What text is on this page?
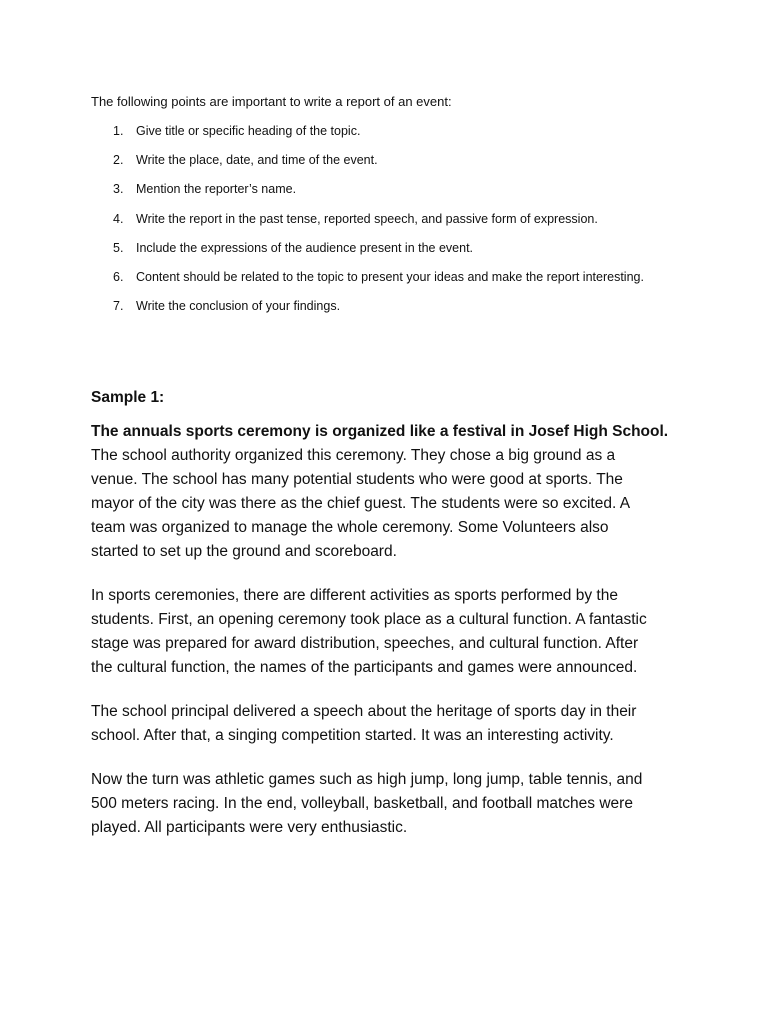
The following points are important to write a report of an event:
1.	Give title or specific heading of the topic.
2.	Write the place, date, and time of the event.
3.	Mention the reporter’s name.
4.	Write the report in the past tense, reported speech, and passive form of expression.
5.	Include the expressions of the audience present in the event.
6.	Content should be related to the topic to present your ideas and make the report interesting.
7.	Write the conclusion of your findings.
Sample 1:

The annuals sports ceremony is organized like a festival in Josef High School.
The school authority organized this ceremony. They chose a big ground as a
venue. The school has many potential students who were good at sports. The
mayor of the city was there as the chief guest. The students were so excited. A
team was organized to manage the whole ceremony. Some Volunteers also
started to set up the ground and scoreboard.

In sports ceremonies, there are different activities as sports performed by the
students. First, an opening ceremony took place as a cultural function. A fantastic
stage was prepared for award distribution, speeches, and cultural function. After
the cultural function, the names of the participants and games were announced.

The school principal delivered a speech about the heritage of sports day in their
school. After that, a singing competition started. It was an interesting activity.

Now the turn was athletic games such as high jump, long jump, table tennis, and
500 meters racing. In the end, volleyball, basketball, and football matches were
played. All participants were very enthusiastic.
